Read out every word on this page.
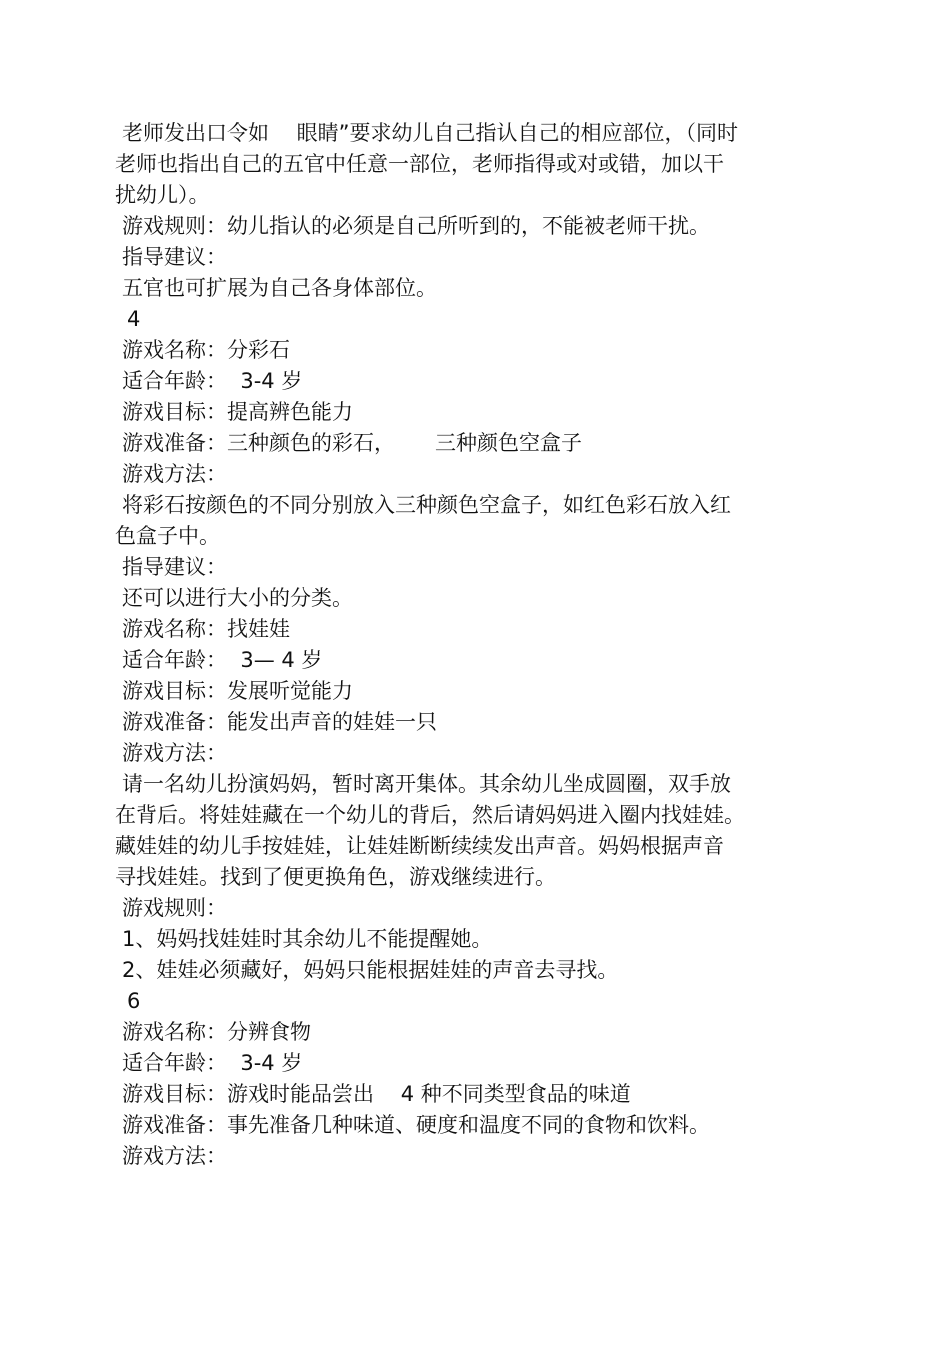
老师发出口令如　 眼睛”要求幼儿自己指认自己的相应部位，（同时
老师也指出自己的五官中任意一部位，老师指得或对或错，加以干
扰幼儿）。
游戏规则：幼儿指认的必须是自己所听到的，不能被老师干扰。
指导建议：
五官也可扩展为自己各身体部位。
4
游戏名称：分彩石
适合年龄：  3-4 岁
游戏目标：提高辨色能力
游戏准备：三种颜色的彩石，      三种颜色空盒子
游戏方法：
将彩石按颜色的不同分别放入三种颜色空盒子，如红色彩石放入红
色盒子中。
指导建议：
还可以进行大小的分类。
游戏名称：找娃娃
适合年龄：  3— 4 岁
游戏目标：发展听觉能力
游戏准备：能发出声音的娃娃一只
游戏方法：
请一名幼儿扮演妈妈，暂时离开集体。其余幼儿坐成圆圈，双手放
在背后。将娃娃藏在一个幼儿的背后，然后请妈妈进入圈内找娃娃。
藏娃娃的幼儿手按娃娃，让娃娃断断续续发出声音。妈妈根据声音
寻找娃娃。找到了便更换角色，游戏继续进行。
游戏规则：
1、妈妈找娃娃时其余幼儿不能提醒她。
2、娃娃必须藏好，妈妈只能根据娃娃的声音去寻找。
6
游戏名称：分辨食物
适合年龄：  3-4 岁
游戏目标：游戏时能品尝出    4 种不同类型食品的味道
游戏准备：事先准备几种味道、硬度和温度不同的食物和饮料。
游戏方法：
